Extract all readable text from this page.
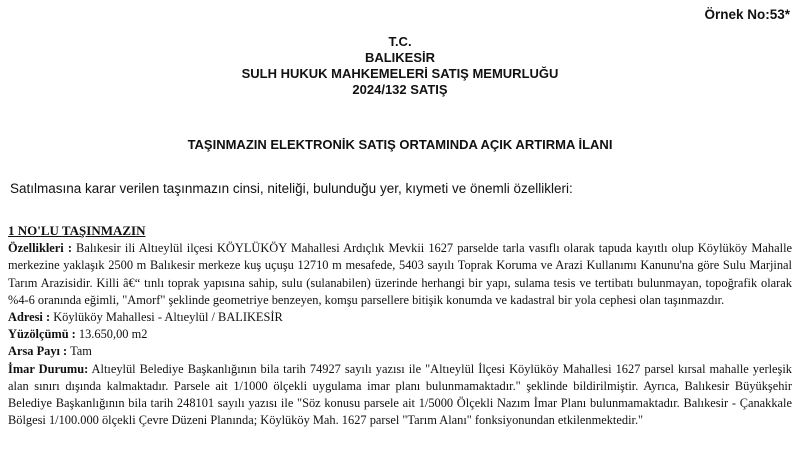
Örnek No:53*
T.C.
BALIKESİR
SULH HUKUK MAHKEMELERİ SATIŞ MEMURLUĞU
2024/132 SATIŞ
TAŞINMAZIN ELEKTRONİK SATIŞ ORTAMINDA AÇIK ARTIRMA İLANI
Satılmasına karar verilen taşınmazın cinsi, niteliği, bulunduğu yer, kıymeti ve önemli özellikleri:

1 NO'LU TAŞINMAZIN

Özellikleri : Balıkesir ili Altıeylül ilçesi KÖYLÜKÖY Mahallesi Ardıçlık Mevkii 1627 parselde tarla vasıflı olarak tapuda kayıtlı olup Köylüköy Mahalle merkezine yaklaşık 2500 m Balıkesir merkeze kuş uçuşu 12710 m mesafede, 5403 sayılı Toprak Koruma ve Arazi Kullanımı Kanunu'na göre Sulu Marjinal Tarım Arazisidir. Killi â€“ tınlı toprak yapısına sahip, sulu (sulanabilen) üzerinde herhangi bir yapı, sulama tesis ve tertibatı bulunmayan, topoğrafik olarak %4-6 oranında eğimli, "Amorf" şeklinde geometriye benzeyen, komşu parsellere bitişik konumda ve kadastral bir yola cephesi olan taşınmazdır.

Adresi : Köylüköy Mahallesi - Altıeylül / BALIKESİR

Yüzölçümü : 13.650,00 m2

Arsa Payı : Tam

İmar Durumu: Altıeylül Belediye Başkanlığının bila tarih 74927 sayılı yazısı ile "Altıeylül İlçesi Köylüköy Mahallesi 1627 parsel kırsal mahalle yerleşik alan sınırı dışında kalmaktadır. Parsele ait 1/1000 ölçekli uygulama imar planı bulunmamaktadır." şeklinde bildirilmiştir. Ayrıca, Balıkesir Büyükşehir Belediye Başkanlığının bila tarih 248101 sayılı yazısı ile "Söz konusu parsele ait 1/5000 Ölçekli Nazım İmar Planı bulunmamaktadır. Balıkesir - Çanakkale Bölgesi 1/100.000 ölçekli Çevre Düzeni Planında; Köylüköy Mah. 1627 parsel "Tarım Alanı" fonksiyonundan etkilenmektedir."
